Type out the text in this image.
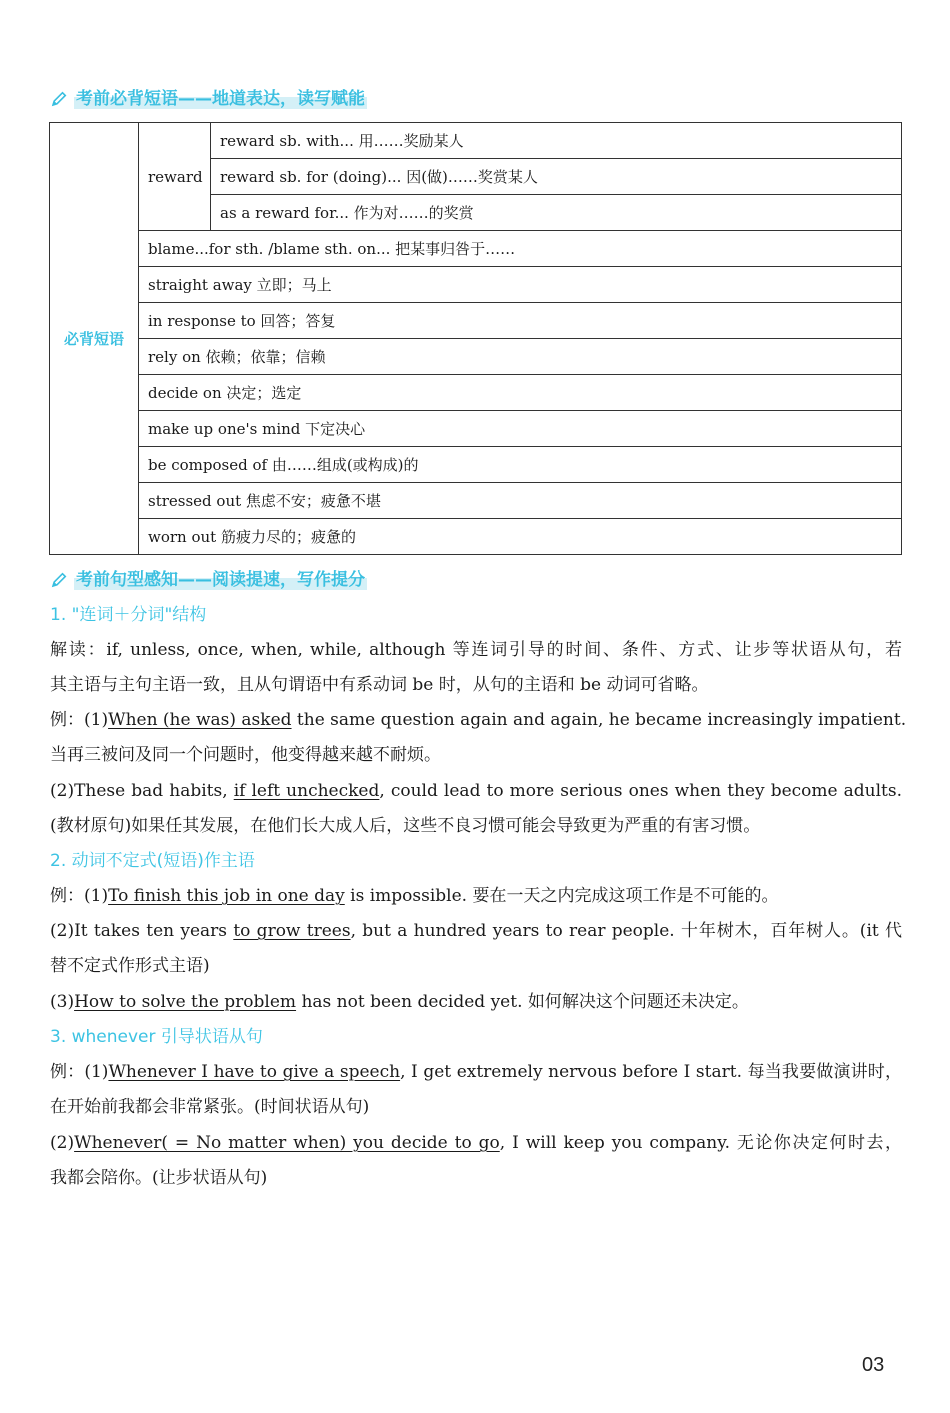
考前必背短语——地道表达，读写赋能
必背短语	reward	reward sb. with... 用……奖励某人
reward sb. for (doing)... 因(做)……奖赏某人
as a reward for... 作为对……的奖赏
blame...for sth. /blame sth. on... 把某事归咎于……
straight away 立即；马上
in response to 回答；答复
rely on 依赖；依靠；信赖
decide on 决定；选定
make up one's mind 下定决心
be composed of 由……组成(或构成)的
stressed out 焦虑不安；疲惫不堪
worn out 筋疲力尽的；疲惫的
考前句型感知——阅读提速，写作提分
1. "连词＋分词"结构
解读：if, unless, once, when, while, although 等连词引导的时间、条件、方式、让步等状语从句，若
其主语与主句主语一致，且从句谓语中有系动词 be 时，从句的主语和 be 动词可省略。
例：(1)When (he was) asked the same question again and again, he became increasingly impatient.
当再三被问及同一个问题时，他变得越来越不耐烦。
(2)These bad habits, if left unchecked, could lead to more serious ones when they become adults.
(教材原句)如果任其发展，在他们长大成人后，这些不良习惯可能会导致更为严重的有害习惯。
2. 动词不定式(短语)作主语
例：(1)To finish this job in one day is impossible. 要在一天之内完成这项工作是不可能的。
(2)It takes ten years to grow trees, but a hundred years to rear people. 十年树木，百年树人。(it 代
替不定式作形式主语)
(3)How to solve the problem has not been decided yet. 如何解决这个问题还未决定。
3. whenever 引导状语从句
例：(1)Whenever I have to give a speech, I get extremely nervous before I start. 每当我要做演讲时，
在开始前我都会非常紧张。(时间状语从句)
(2)Whenever( = No matter when) you decide to go, I will keep you company. 无论你决定何时去，
我都会陪你。(让步状语从句)
03
